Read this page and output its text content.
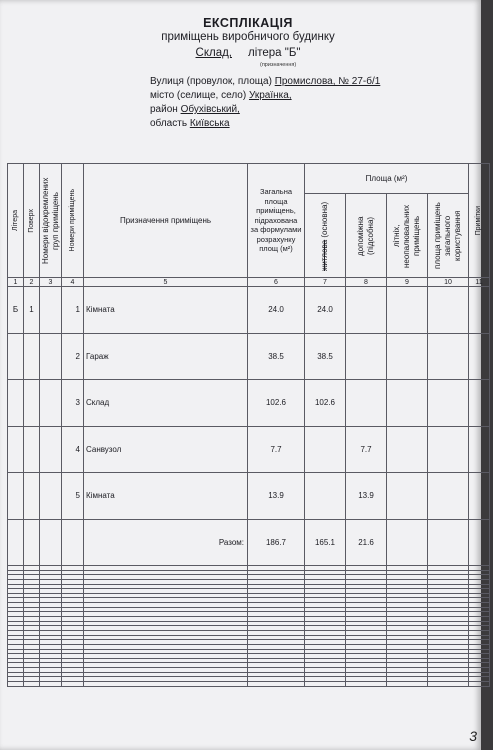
ЕКСПЛІКАЦІЯ
приміщень виробничого будинку
Склад, літера "Б"
(призначення)
Вулиця (провулок, площа) Промислова, № 27-б/1
місто (селище, село) Українка,
район Обухівський,
область Київська
Літера	Поверх	Номери відокремлених груп приміщень	Номери приміщень	Призначення приміщень	Загальна площа приміщень, підрахована за формулами розрахунку площ (м²)	Площа (м²)				Примітки

						житлова (основна)	допоміжна (підсобна)	літніх, неопалювальних приміщень	площа приміщень загального користування	

1	2	3	4	5	6	7	8	9	10	11
Б	1		1	Кімната	24.0	24.0				
			2	Гараж	38.5	38.5				
			3	Склад	102.6	102.6				
			4	Санвузол	7.7		7.7			
			5	Кімната	13.9		13.9			
				Разом:	186.7	165.1	21.6			

3
